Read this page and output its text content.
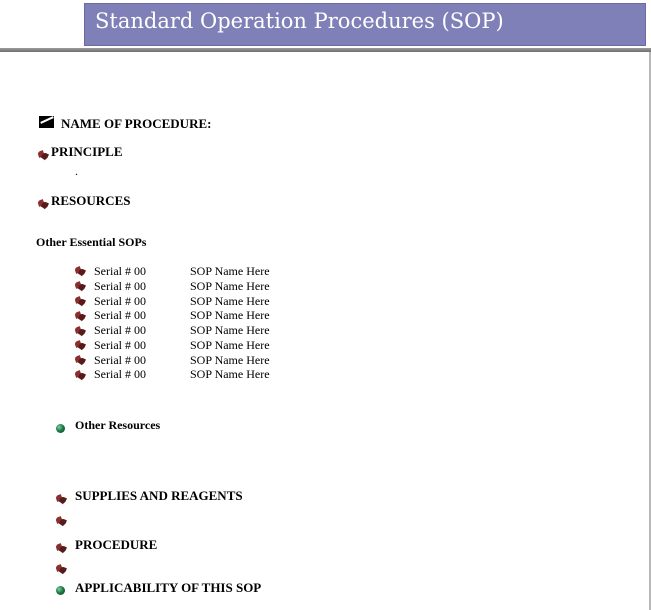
Standard Operation Procedures (SOP)
NAME OF PROCEDURE:
PRINCIPLE
.
RESOURCES
Other Essential SOPs
Serial # 00	SOP Name Here
Serial # 00	SOP Name Here
Serial # 00	SOP Name Here
Serial # 00	SOP Name Here
Serial # 00	SOP Name Here
Serial # 00	SOP Name Here
Serial # 00	SOP Name Here
Serial # 00	SOP Name Here
Other Resources
SUPPLIES AND REAGENTS
PROCEDURE
APPLICABILITY OF THIS SOP
